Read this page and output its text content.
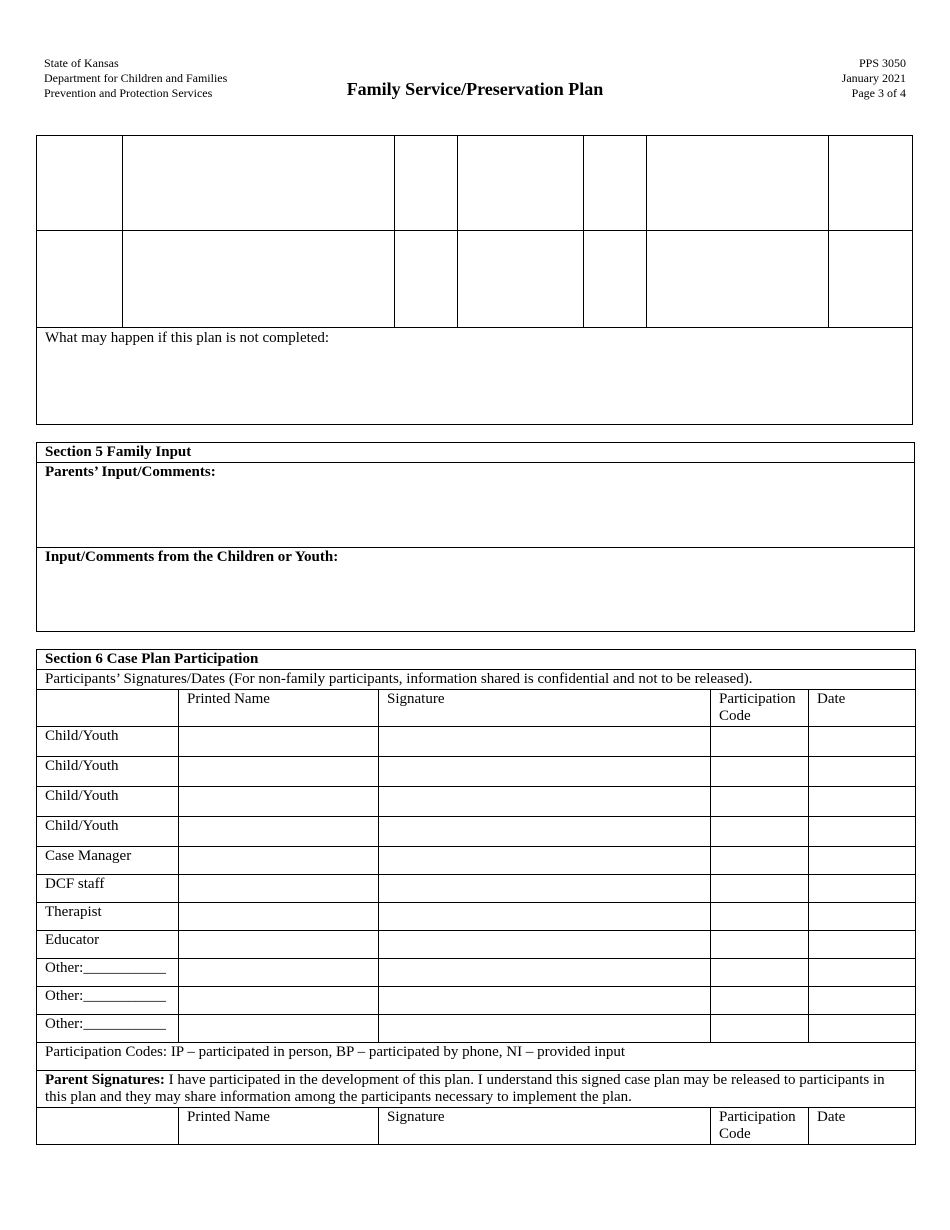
State of Kansas
Department for Children and Families
Prevention and Protection Services	Family Service/Preservation Plan
PPS 3050
January 2021
Page 3 of 4

What may happen if this plan is not completed:						
Section 5 Family Input
Parents’ Input/Comments:
Input/Comments from the Children or Youth:
Section 6 Case Plan Participation				
Participants’ Signatures/Dates (For non-family participants, information shared is confidential and not to be released).				
	Printed Name	Signature	Participation Code	Date
Child/Youth				
Child/Youth				
Child/Youth				
Child/Youth				
Case Manager				
DCF staff				
Therapist				
Educator				
Other:___________				
Other:___________				
Other:___________				
Participation Codes: IP – participated in person, BP – participated by phone, NI – provided input				
Parent Signatures: I have participated in the development of this plan. I understand this signed case plan may be released to participants in this plan and they may share information among the participants necessary to implement the plan.				
	Printed Name	Signature	Participation Code	Date
